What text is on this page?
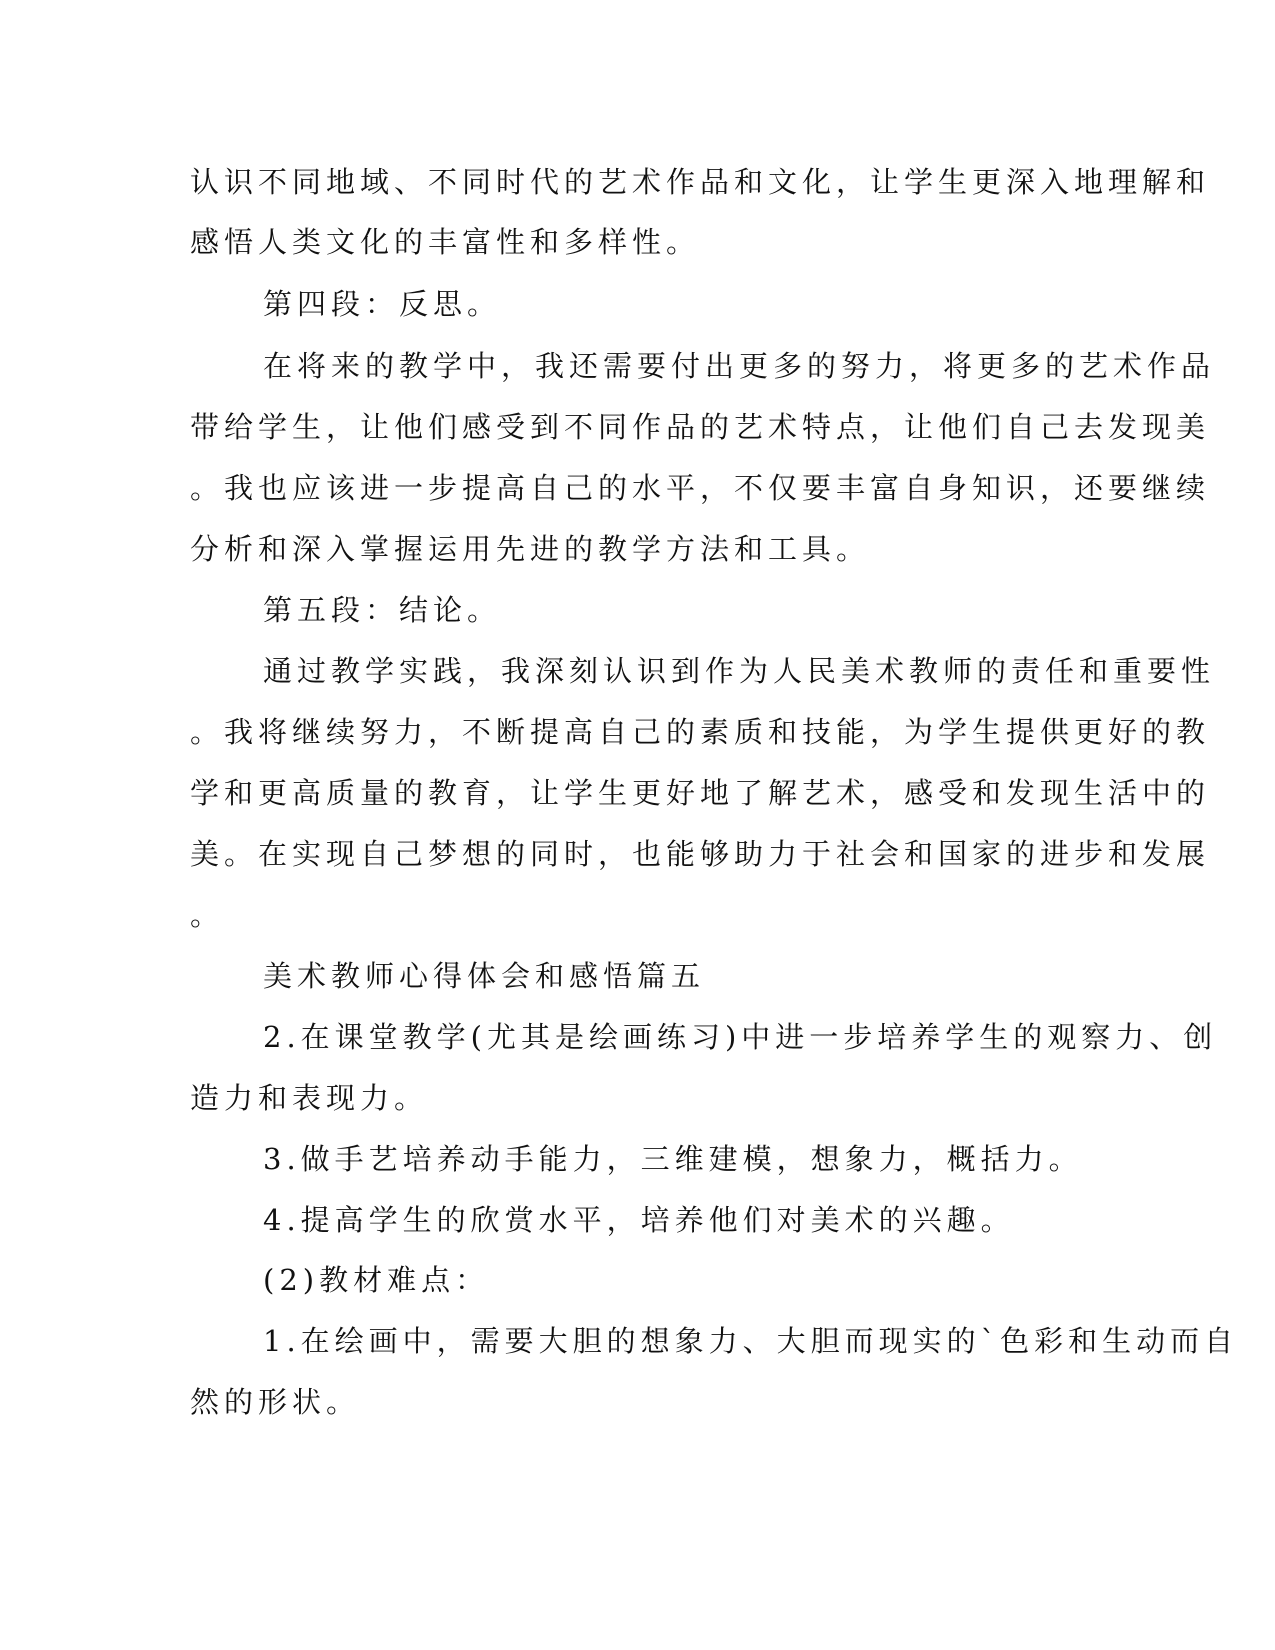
认识不同地域、不同时代的艺术作品和文化，让学生更深入地理解和
感悟人类文化的丰富性和多样性。
第四段：反思。
在将来的教学中，我还需要付出更多的努力，将更多的艺术作品
带给学生，让他们感受到不同作品的艺术特点，让他们自己去发现美
。我也应该进一步提高自己的水平，不仅要丰富自身知识，还要继续
分析和深入掌握运用先进的教学方法和工具。
第五段：结论。
通过教学实践，我深刻认识到作为人民美术教师的责任和重要性
。我将继续努力，不断提高自己的素质和技能，为学生提供更好的教
学和更高质量的教育，让学生更好地了解艺术，感受和发现生活中的
美。在实现自己梦想的同时，也能够助力于社会和国家的进步和发展
。
美术教师心得体会和感悟篇五
2.在课堂教学(尤其是绘画练习)中进一步培养学生的观察力、创
造力和表现力。
3.做手艺培养动手能力，三维建模，想象力，概括力。
4.提高学生的欣赏水平，培养他们对美术的兴趣。
(2)教材难点：
1.在绘画中，需要大胆的想象力、大胆而现实的`色彩和生动而自
然的形状。
